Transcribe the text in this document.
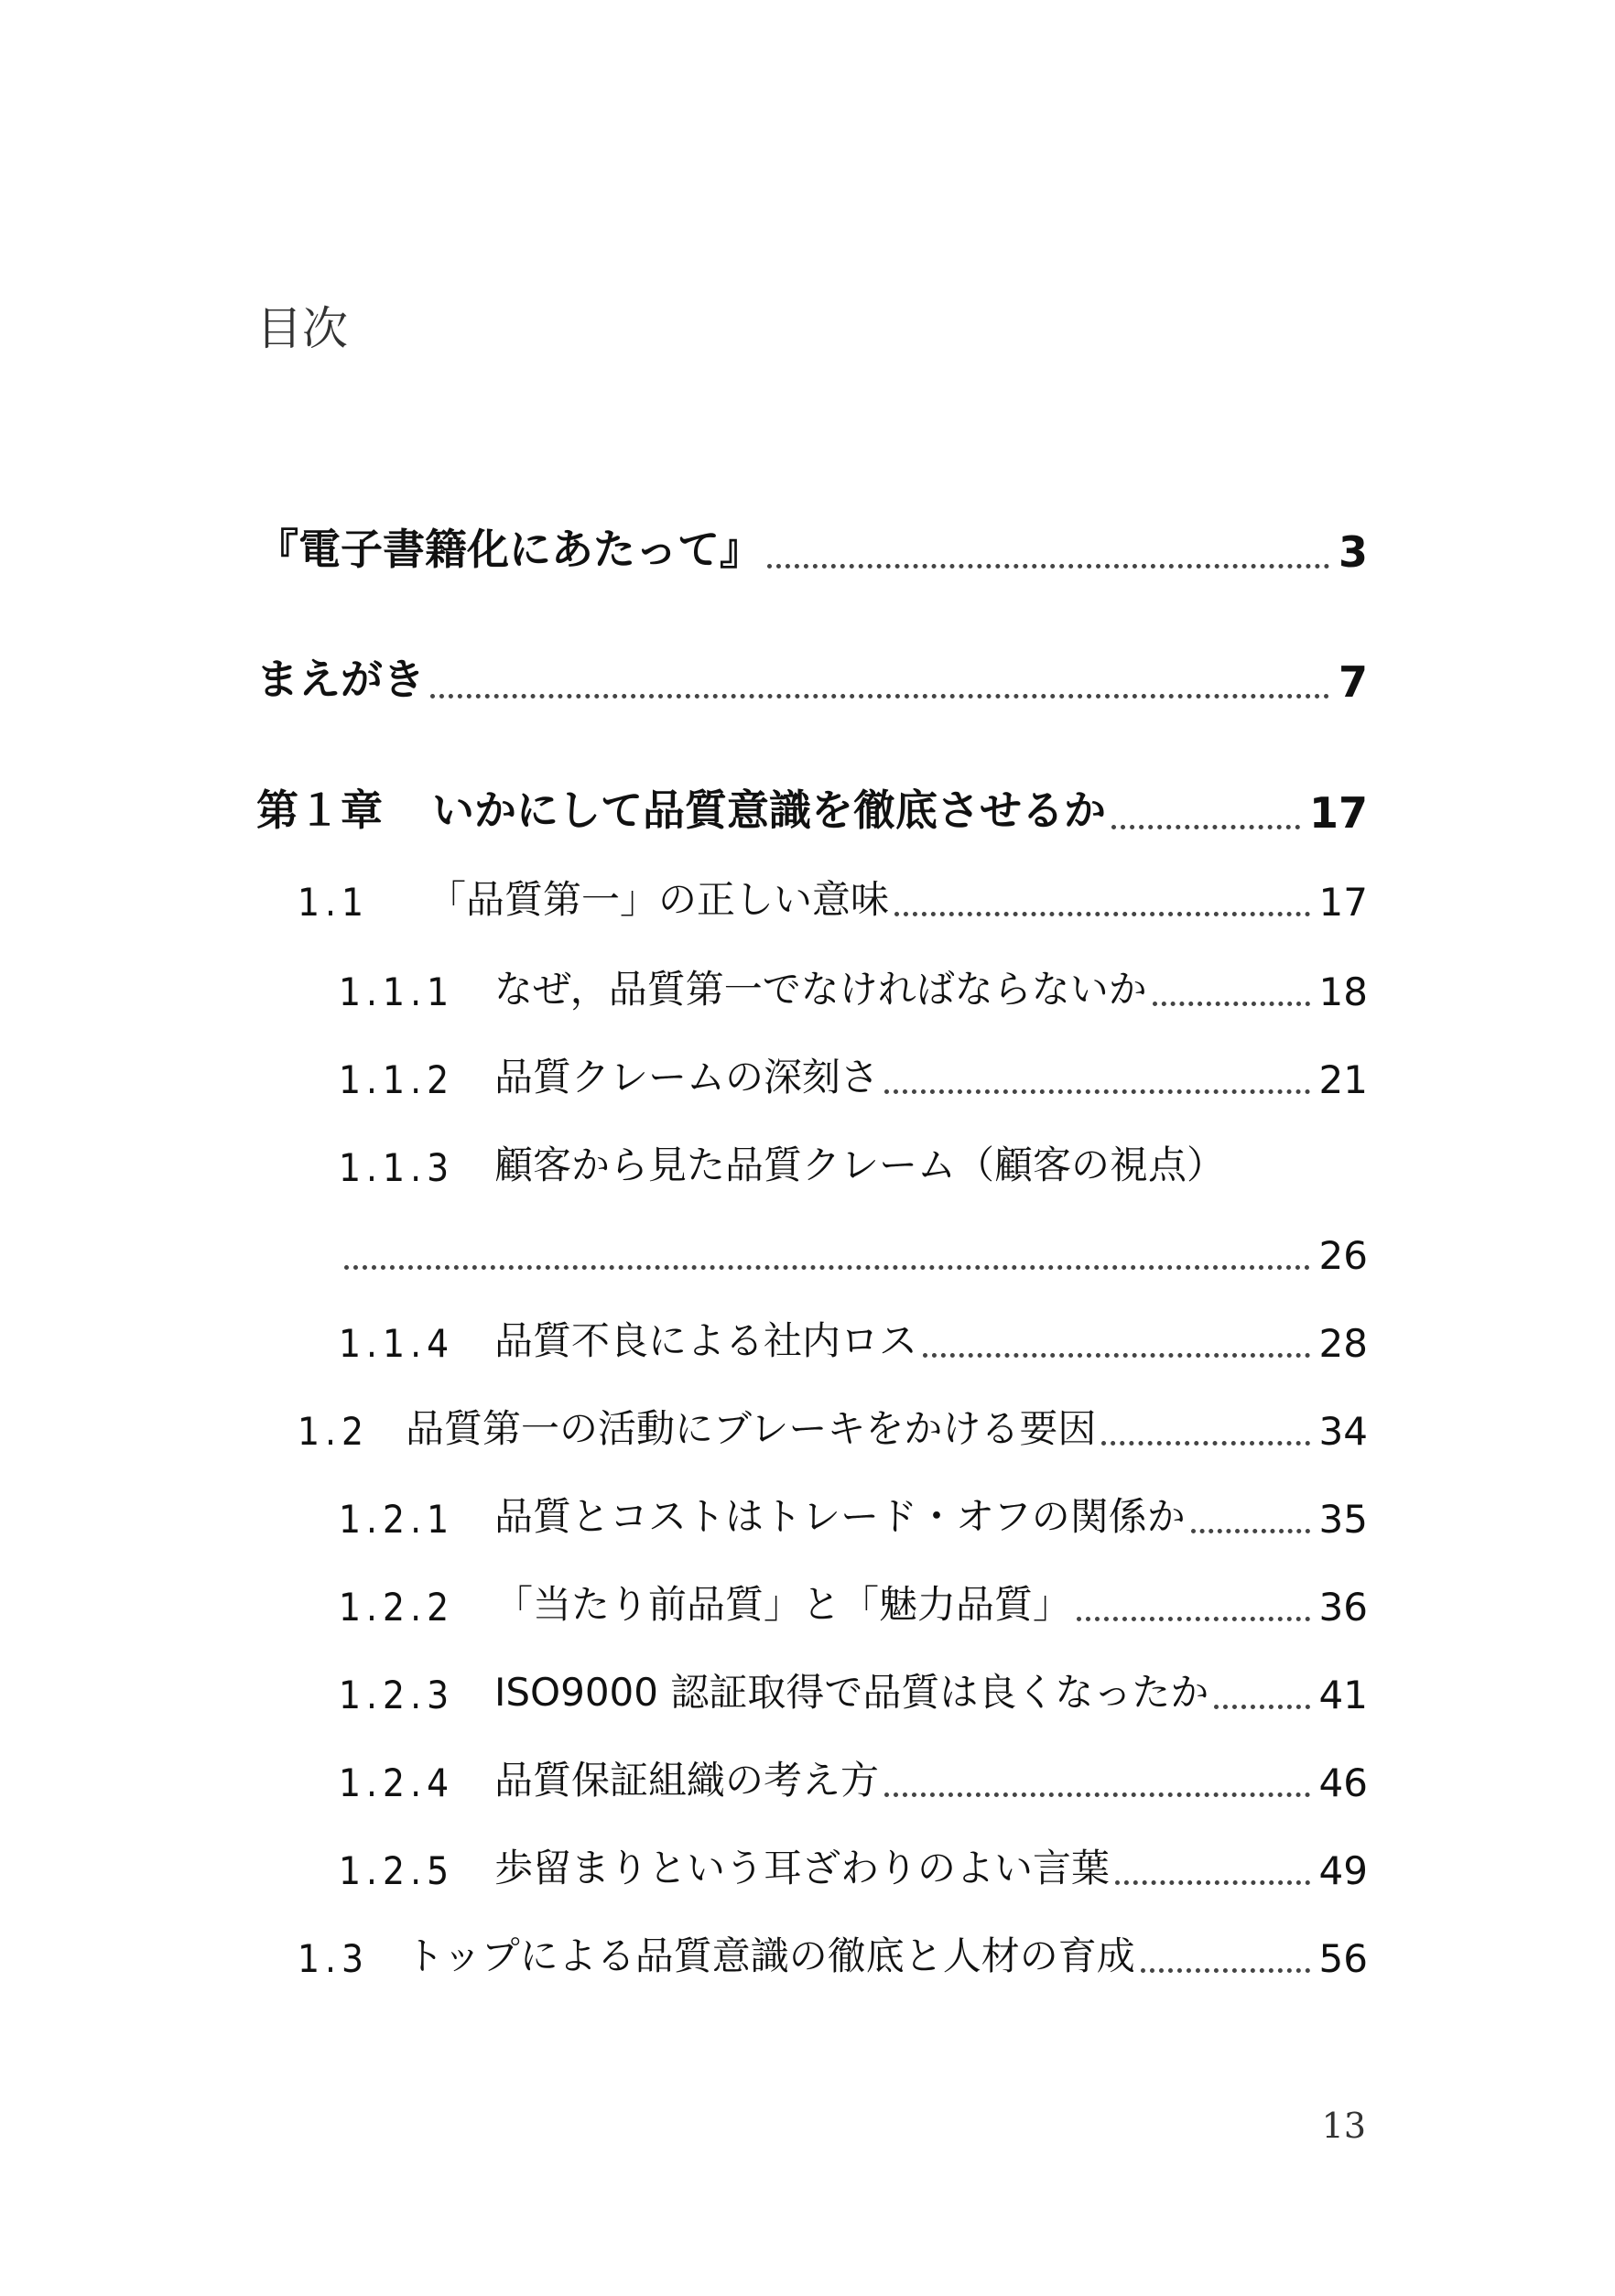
目次
『電子書籍化にあたって』	3
まえがき	7
第１章 いかにして品質意識を徹底させるか	17
1.1	「品質第一」の正しい意味	17
1.1.1	なぜ，品質第一でなければならないか	18
1.1.2	品質クレームの深刻さ	21
1.1.3	顧客から見た品質クレーム（顧客の視点）
26
1.1.4	品質不良による社内ロス	28
1.2 品質第一の活動にブレーキをかける要因	34
1.2.1	品質とコストはトレード・オフの関係か	35
1.2.2	「当たり前品質」と「魅力品質」	36
1.2.3	ISO9000 認証取得で品質は良くなったか	41
1.2.4	品質保証組織の考え方	46
1.2.5	歩留まりという耳ざわりのよい言葉	49
1.3 トップによる品質意識の徹底と人材の育成	56
13
